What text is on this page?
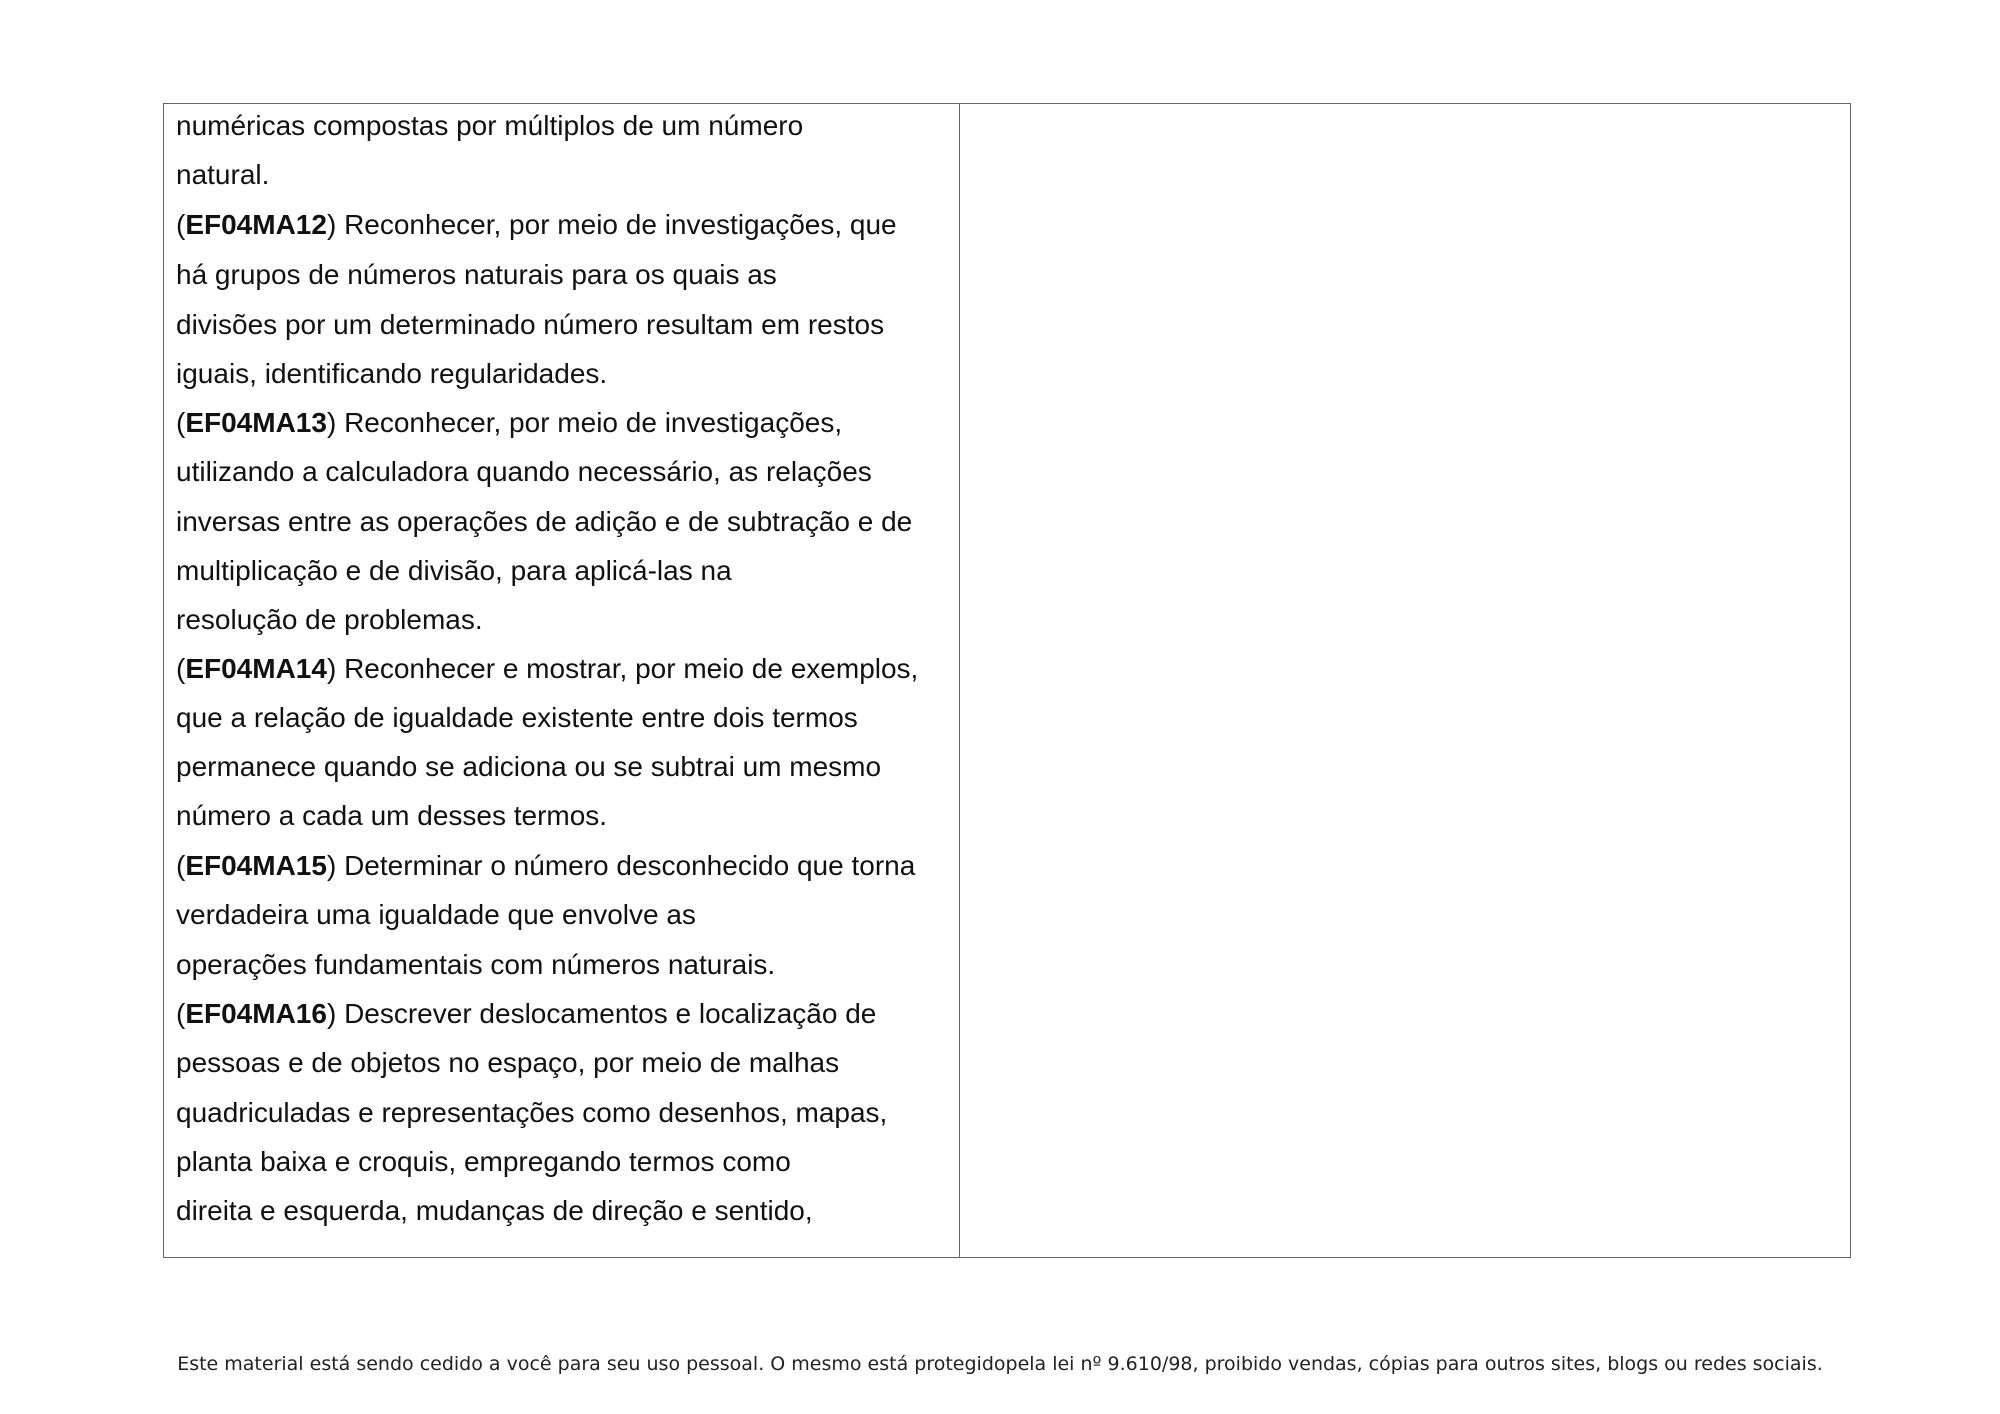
numéricas compostas por múltiplos de um número
natural.
(EF04MA12) Reconhecer, por meio de investigações, que
há grupos de números naturais para os quais as
divisões por um determinado número resultam em restos
iguais, identificando regularidades.
(EF04MA13) Reconhecer, por meio de investigações,
utilizando a calculadora quando necessário, as relações
inversas entre as operações de adição e de subtração e de
multiplicação e de divisão, para aplicá-las na
resolução de problemas.
(EF04MA14) Reconhecer e mostrar, por meio de exemplos,
que a relação de igualdade existente entre dois termos
permanece quando se adiciona ou se subtrai um mesmo
número a cada um desses termos.
(EF04MA15) Determinar o número desconhecido que torna
verdadeira uma igualdade que envolve as
operações fundamentais com números naturais.
(EF04MA16) Descrever deslocamentos e localização de
pessoas e de objetos no espaço, por meio de malhas
quadriculadas e representações como desenhos, mapas,
planta baixa e croquis, empregando termos como
direita e esquerda, mudanças de direção e sentido,
Este material está sendo cedido a você para seu uso pessoal. O mesmo está protegidopela lei nº 9.610/98, proibido vendas, cópias para outros sites, blogs ou redes sociais.
